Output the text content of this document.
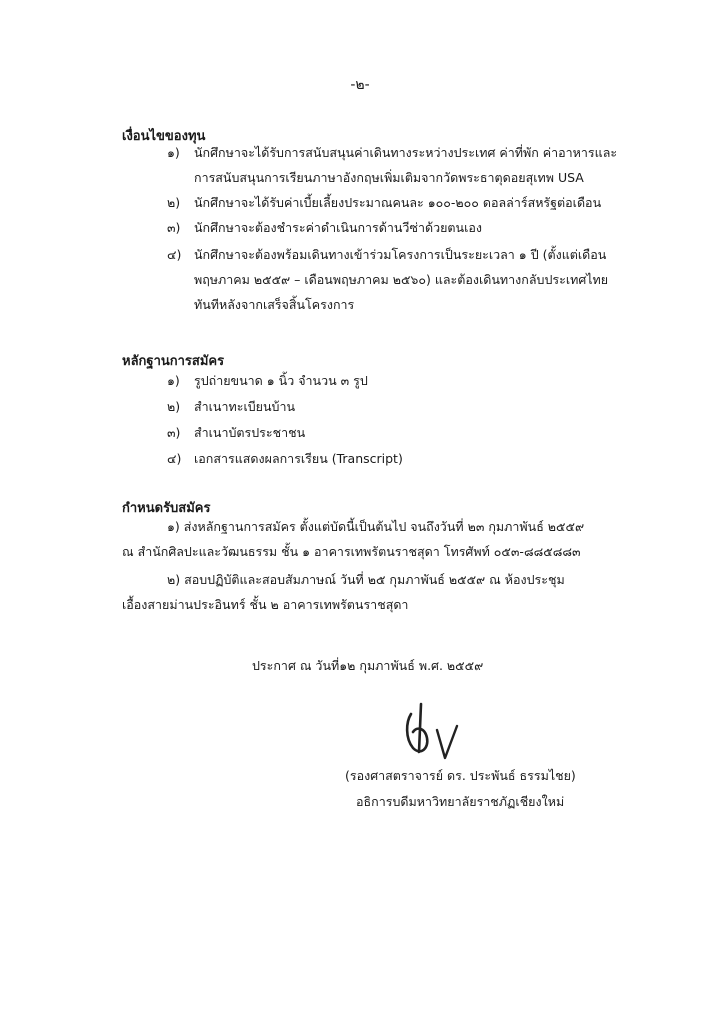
-๒-
เงื่อนไขของทุน
๑) นักศึกษาจะได้รับการสนับสนุนค่าเดินทางระหว่างประเทศ ค่าที่พัก ค่าอาหารและ
การสนับสนุนการเรียนภาษาอังกฤษเพิ่มเติมจากวัดพระธาตุดอยสุเทพ USA
๒) นักศึกษาจะได้รับค่าเบี้ยเลี้ยงประมาณคนละ ๑๐๐-๒๐๐ ดอลล่าร์สหรัฐต่อเดือน
๓) นักศึกษาจะต้องชำระค่าดำเนินการด้านวีซ่าด้วยตนเอง
๔) นักศึกษาจะต้องพร้อมเดินทางเข้าร่วมโครงการเป็นระยะเวลา ๑ ปี (ตั้งแต่เดือน
พฤษภาคม ๒๕๕๙ – เดือนพฤษภาคม ๒๕๖๐) และต้องเดินทางกลับประเทศไทย
ทันทีหลังจากเสร็จสิ้นโครงการ
หลักฐานการสมัคร
๑) รูปถ่ายขนาด ๑ นิ้ว จำนวน ๓ รูป
๒) สำเนาทะเบียนบ้าน
๓) สำเนาบัตรประชาชน
๔) เอกสารแสดงผลการเรียน (Transcript)
กำหนดรับสมัคร
๑) ส่งหลักฐานการสมัคร ตั้งแต่บัดนี้เป็นต้นไป จนถึงวันที่ ๒๓ กุมภาพันธ์ ๒๕๕๙
ณ สำนักศิลปะและวัฒนธรรม ชั้น ๑ อาคารเทพรัตนราชสุดา โทรศัพท์ ๐๕๓-๘๘๕๘๘๓
๒) สอบปฏิบัติและสอบสัมภาษณ์ วันที่ ๒๕ กุมภาพันธ์ ๒๕๕๙ ณ ห้องประชุม
เอื้องสายม่านประอินทร์ ชั้น ๒ อาคารเทพรัตนราชสุดา
ประกาศ ณ วันที่๑๒ กุมภาพันธ์ พ.ศ. ๒๕๕๙
(รองศาสตราจารย์ ดร. ประพันธ์ ธรรมไชย)
อธิการบดีมหาวิทยาลัยราชภัฏเชียงใหม่
